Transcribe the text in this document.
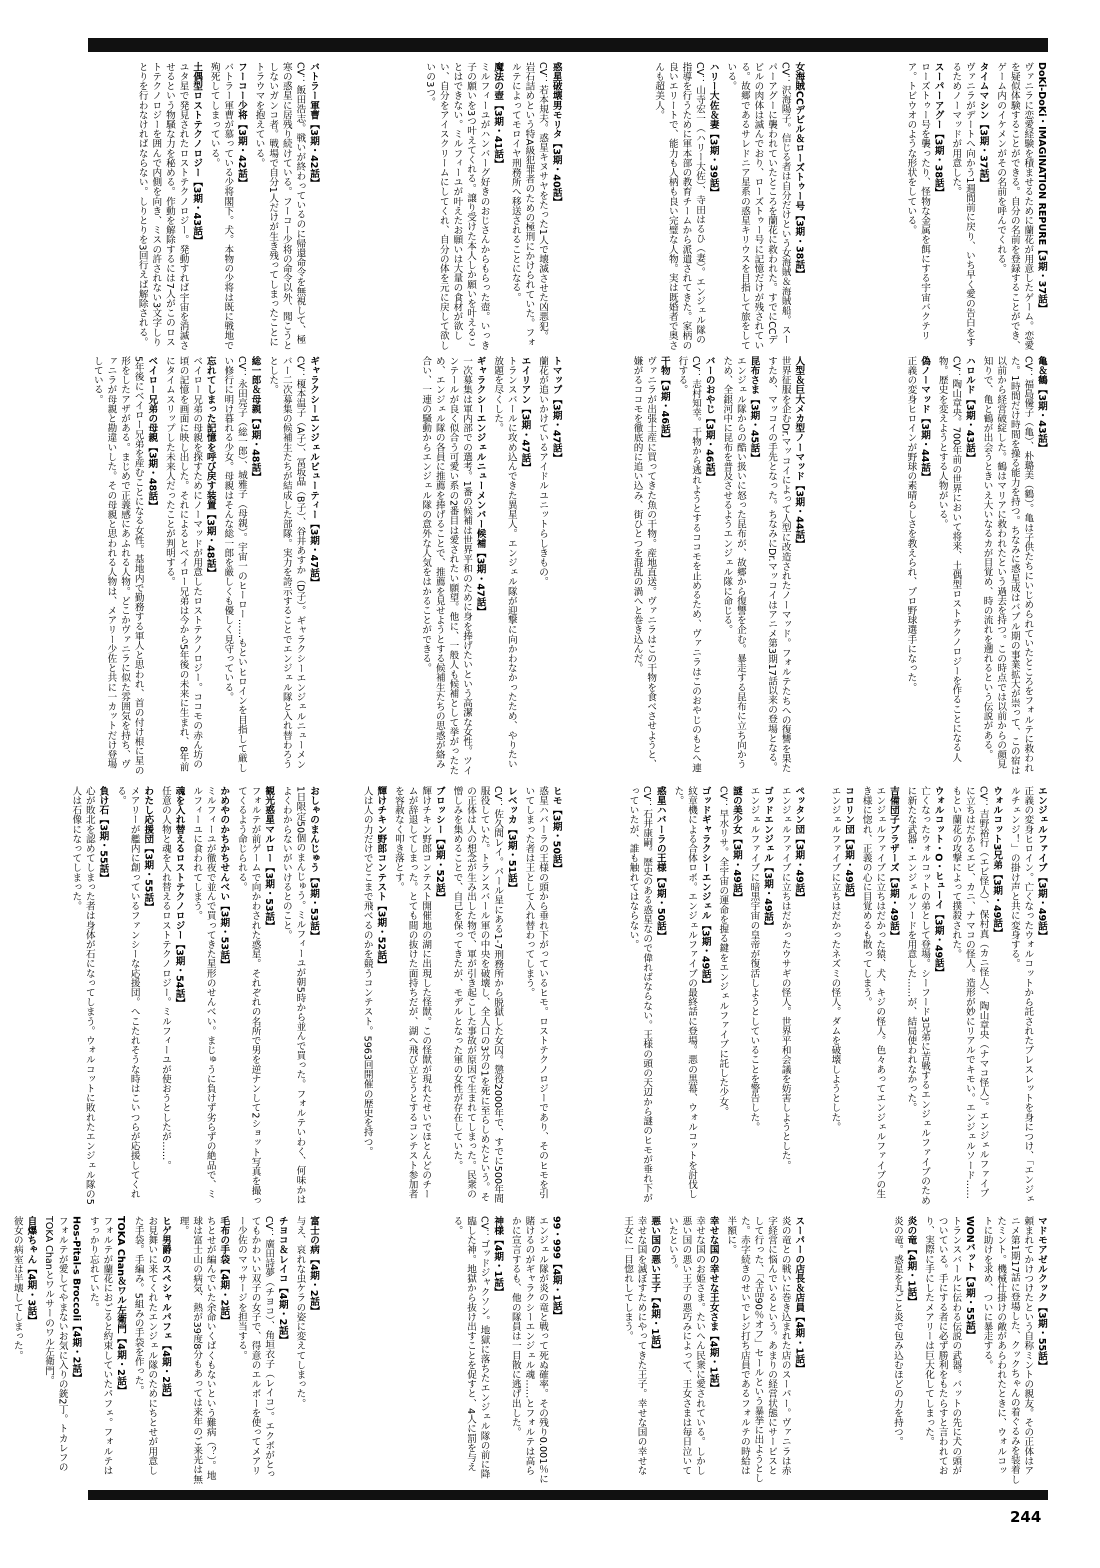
DoKi-DoKi・IMAGINATION REPURE【3期・37話】
ヴァニラに恋愛経験を積ませるために蘭花が用意したゲーム。恋愛を疑似体験することができる。自分の名前を登録することができ、ゲーム内のイケメンがその名前を呼んでくれる。
タイムマシン【3期・37話】
ヴァニラがデートへ向かう1週間前に戻り、いち早く愛の告白をするためノーマッドが用意した。
スーパーアグー【3期・38話】
ローズトゥー号を襲ったり、怪物な金属を餌にする宇宙バクテリア。トビウオのような形状をしている。
女海賊CCデビル＆ローズトゥー号【3期・38話】
CV：沢海陽子。信じる者は自分だけという女海賊＆海賊船。スーパーアグーに襲われていたところを蘭花に救われた。すでにCCデビルの肉体は滅んでおり、ローズトゥー号に記憶だけが残されている。故郷であるサレドニア星系の惑星キリウスを目指して旅をしている。
ハリー大佐＆妻【3期・39話】
CV：山寺宏一（ハリー大佐）、寺田はるひ（妻）。エンジェル隊の指導を行うために軍本部の教育チームから派遣されてきた。家柄の良いエリートで、能力も人柄も良い完璧な人物。実は既婚者で奥さんも超美人。
惑星破壊男モリタ【3期・40話】
CV：若本規夫。惑星キヌサヤをたった1人で壊滅させた凶悪犯。岩石詰めという特A級犯罪者のための極刑にかけられていた。フォルテによってモロイヤ刑務所へ移送されることになる。
魔法の壺【3期・41話】
ミルフィーユがハンバーグ好きのおじさんからもらった壺。いっき子の願いを3つ叶えてくれる。譲り受けた本人しか願いを叶えることはできない。ミルフィーユが叶えたお願いは大量の食材が欲しい、自分をアイスクリームにしてくれ、自分の体を元に戻して欲しいの3つ。
バトラー軍曹【3期・42話】
CV：飯田浩志。戦いが終わっているのに帰還命令を無視して、極寒の惑星に居残り続けている。フーコー少将の命令以外、聞こうとしないガンコ者。戦場で自分1人だけが生き残ってしまったことにトラウマを抱えている。
フーコー少将【3期・42話】
バトラー軍曹が慕っている少将閣下。犬。本物の少将は既に戦地で殉死してしまっている。
土偶型ロストテクノロジー【3期・43話】
ユタ星で発見されたロストテクノロジー。発動すれば宇宙を消滅させるという物騒な力を秘める。作動を解除するには7人がこのロストテクノロジーを囲んで内側を向き、ミスの許されない3文字しりとりを行わなければならない。しりとりを3回行えば解除される。
亀＆鶴【3期・43話】
CV：福島優子（亀）、朴璐美（鶴）。亀は子供たちにいじめられていたところをフォルテに救われた。1時間だけ時間を操る能力を持つ。ちなみに惑星成はバブル期の事業拡大が崇って、この宿は以前から経営破綻した。鶴はマリアに救われたという過去を持つ。この時点では以前からの顔見知りで、亀と鶴が出会うときいえ大いなるカが目覚め、時の流れを遡れるという伝説がある。
ハロルド【3期・43話】
CV：陶山章央。700年前の世界において将来、土偶型ロストテクノロジーを作ることになる人物。歴史を変えようとする人物がいる。
偽ノーマッド【3期・44話】
正義の変身ヒロインが野球の素晴らしさを教えられ、プロ野球選手になった。
人型＆巨大メカ型ノーマッド【3期・44話】
世界征服を企むDr.マッコイによって人型に改造されたノーマッド。フォルテたちへの復讐を果たすため、マッコイの手先となった。ちなみにDr.マッコイはアニメ第3期17話以来の登場となる。
昆布さま【3期・45話】
エンジェル隊からの酷い扱いに怒った昆布が、故郷から復讐を企む。暴走する昆布に立ち向かうため、全銀河中に昆布を普及させるようエンジェル隊に命じる。
バーのおやじ【3期・46話】
CV：志村知幸。干物から逃れようとするココモを止めるため、ヴァニラはこのおやじのもとへ連行する。
干物【3期・46話】
ヴァニラが出張土産に買ってきた魚の干物。産地直送。ヴァニラはこの干物を食べさせようと、嫌がるココモを徹底的に追い込み、街ひとつを混乱の渦へと巻き込んだ。
トマップ【3期・47話】
蘭花が追いかけているアイドルユニットらしきもの。
エイリアン【3期・47話】
トランスバールに攻め込んできた異星人。エンジェル隊が迎撃に向かわなかったため、やりたい放題を尽くした。
ギャラクシーエンジェルニューメンバー候補【3期・47話】
一次募集は軍内部での選考。1番の候補は世界平和のために身を捧げたいという高潔な女性。ツインテールが良く似合う可愛い系の2番目は愛されたい願望。他に、一般人も候補として挙がったため、エンジェル隊の各員に推薦を捧げることで、推薦を見せようとする候補生たちの思惑が絡み合い、一連の騒動からエンジェル隊の意外な人気をはかることができる。
ギャラクシーエンジェルビューティー【3期・47話】
CV：榎本温子（A子）、冨坂晶（B子）、谷井あすか（D子）。ギャラクシーエンジェルニューメンバー二次募集の候補生たちが結成した部隊。実力を誇示することでエンジェル隊と入れ替わろうとした。
総一郎＆母親【3期・48話】
CV：永田亮子（総一郎）、城雅子（母親）。宇宙一のヒーロー……もといヒロインを目指して厳しい修行に明け暮れる少女。母親はそんな総一郎を厳しくも優しく見守っている。
忘れてしまった記憶を呼び戻す装置【3期・48話】
ベイロー兄弟の母親を探すためにノーマッドが用意したロストテクノロジー。ココモの赤ん坊の頃の記憶を画面に映し出した。それによるとベイロー兄弟は今から5年後の未来に生まれ、8年前にタイムスリップした未来人だったことが判明する。
ベイロー兄弟の母親【3期・48話】
5年後にベイロー兄弟を産むことになる女性。基地内で勤務する軍人と思われ、首の付け根に星の形をしたアザがある。まじめで正義感にあふれる人物。どこかヴァニラに似た雰囲気を持ち、ヴァニラが母親と勘違いした。その母親と思われる人物は、メアリー少佐と共に一カットだけ登場している。
エンジェルファイブ【3期・49話】
正義の変身ヒロイン。亡くなったウォルコットから託されたブレスレットを身につけ、「エンジェルチェンジ！」の掛け声と共に変身する。
ウォルコット3兄弟【3期・49話】
CV：吉野裕行（エビ怪人）、保村真（カニ怪人）、陶山章央（ナマコ怪人）。エンジェルファイブに立ちはだかるエビ、カニ、ナマコの怪人。造形が妙にリアルでキモい。エンジェルソード……もとい蘭花の攻撃によって撲殺された。
ウォルコット・O・ヒューイ【3期・49話】
亡くなったウォルコットの弟として登場。シーフード3兄弟に苦戦するエンジェルファイブのために新たな武器・エンジェルソードを用意した……が、結局使われなかった。
吉備団子ブラザーズ【3期・49話】
エンジェルファイブに立ちはだかった猿、犬、キジの怪人。色々あってエンジェルファイブの生き様に惚れ、正義の心に目覚めるも散ってしまう。
コロリン団【3期・49話】
エンジェルファイブに立ちはだかったネズミの怪人。ダムを破壊しようとした。
ペッタン団【3期・49話】
エンジェルファイブに立ちはだかったウサギの怪人。世界平和会議を妨害しようとした。
ゴッドエンジェル【3期・49話】
エンジェルファイブに暗黒宇宙の皇帝が復活しようとしていることを警告した。
謎の美少女【3期・49話】
CV：早水リサ。全宇宙の運命を握る鍵をエンジェルファイブに託した少女。
ゴッドギャラクシーエンジェル【3期・49話】
紋章機による合体ロボ。エンジェルファイブの最終話に登場。悪の黒幕、ウォルコットを討伐した。
惑星ハバーラの王様【3期・50話】
CV：石井康嗣。歴史のある惑星なので偉ればならない。王様の頭の天辺から謎のヒモが垂れ下がっていたが、誰も触れてはならない。
ヒモ【3期・50話】
惑星ハバーラの王様の頭から垂れ下がっているヒモ。ロストテクノロジーであり、そのヒモを引いてしまった者は王として入れ替わってしまう。
レベッカ【3期・51話】
CV：佐久間レイ。パール星にある1-7刑務所から脱獄した女囚。懲役2000年で、すでに500年間服役していた。トランスバール軍の中央を破壊し、全人口の3分の1を死に至らしめたという。その正体は人の想念が生み出した物で、軍が引き起こした事故が原因で生まれてしまった。民衆の憎しみを集めることで、自己を保ってきたが、モデルとなった軍の女性が存在していた。
ブロッシー【3期・52話】
輝けチキン野郎コンテスト開催地の湖に出現した怪獣。この怪獣が現れたせいでほとんどのチームが辞退してしまった。とても間の抜けた面持ちだが、湖へ飛び立とうとするコンテスト参加者を容赦なく叩き落とす。
輝けチキン野郎コンテスト【3期・52話】
人は人の力だけでどこまで飛べるのかを競うコンテスト。5963回開催の歴史を持つ。
おしゃのまんじゅう【3期・53話】
1日限定50個のまんじゅう。ミルフィーユが朝5時から並んで買った。フォルテいわく、何味かはよくわからないがいけるとのこと。
観光惑星マルロー【3期・53話】
フォルテが前ゲームで向かわされた惑星。それぞれの名所で男を逆ナンして2ショット写真を撮ってくるよう命じられる。
かめやのかちかちせんべい【3期・53話】
ミルフィーユが徹夜で並んで買ってきた星形のせんべい。まじゅうに負けず劣らずの絶品で、ミルフィーユに食われてしまう。
魂を入れ替えるロストテクノロジー【3期・54話】
任意の人物と魂を入れ替えるロストテクノロジー。ミルフィーユが使おうとしたが……。
わたし応援団【3期・55話】
メアリーが艦内に創っているファンシーな応援団。へこたれそうな時はこいつらが応援してくれる。
負け石【3期・55話】
心が敗北を認めてしまった者は身体が石になってしまう。ウォルコットに敗れたエンジェル隊の5人は石像になってしまった。
マドモアゼルクック【3期・55話】
頼まれてかけつけたという自称ミントの親友。その正体はアニメ第1期17話に登場した、クックちゃんの着ぐるみを装着したミント。機械仕掛けの敵があらわれたときに、ウォルコットに助けを求め、ついに暴走する。
WONバット【3期・55話】
トランスバールに伝わる伝説の武器。バットの先に犬の頭がついている。手にする者に必ず勝利をもたらすと言われており、実際に手にしたメアリーは巨大化してしまった。
炎の竜【4期・1話】
炎の竜。惑星を丸ごと炎で包み込むほどの力を持つ。
スーパーの店長＆店員【4期・1話】
炎の竜との戦いに巻き込まれた店のスーパー。ヴァニラは赤字経営に悩んでいるという。あまりの経営状態にサービスとして行った、「全品90％オフ」セールという暴挙に出ようとした。赤字続きのせいでレジ打ち店員であるフォルテの時給は半額に。
幸せな国の幸せな王女さま【4期・1話】
幸せな国のお姫さま。たいへん民衆に愛されている。しかし悪い国の悪い王子の悪巧みによって、王女さまは毎日泣いていたという。
悪い国の悪い王子【4期・1話】
幸せな国を滅ぼすためにやってきた王子。幸せな国の幸せな王女に一目惚れしてしまう。
99・999【4期・1話】
エンジェル隊が炎の竜と戦って死ぬ確率。その残り0.001％に賭けるのがギャラクシーエンジェル魂……とフォルテは高らかに宣言するも、他の隊員は一目散に逃げ出した。
神様【4期・1話】
CV：ゴッドジャクソン。地獄に落ちたエンジェル隊の前に降臨した神。地獄から抜け出すことを促すと、4人に罰を与える。
富士の病【4期・2話】
与え、哀れな虫ケラの姿に変えてしまった。
チヨコ＆レイコ【4期・2話】
CV：廣田詩夢（チヨコ）、角垣衣子（レイコ）。エクボがとってもかわいい双子の女子で、得意のエルボーを使ってメアリー少佐のマッサージを担当する。
毛布の手袋【4期・2話】
ちとせが編んでいた余命いくばくもないという難病（？）。地球は富士山の病気、熱が39度8分もあっては来年のご来光は無理。
ヒゲ男爵のスペシャルパフェ【4期・2話】
お見舞いに来てくれたエンジェル隊のためにちとせが用意した手袋。手編み。5組みの手袋を作った。
TOKA Chan＆ワル左衛門【4期・2話】
フォルテが蘭花におごると約束していたパフェ。フォルテはすっかり忘れていた。
Hos-Pital-s Broccoli【4期・2話】
フォルテが愛してやまないお気に入りの銃2丁。トカレフのTOKA Chanとワルサーのワル左衛門。
自爆ちゃん【4期・3話】
彼女の病室は半壊してしまった。
244
